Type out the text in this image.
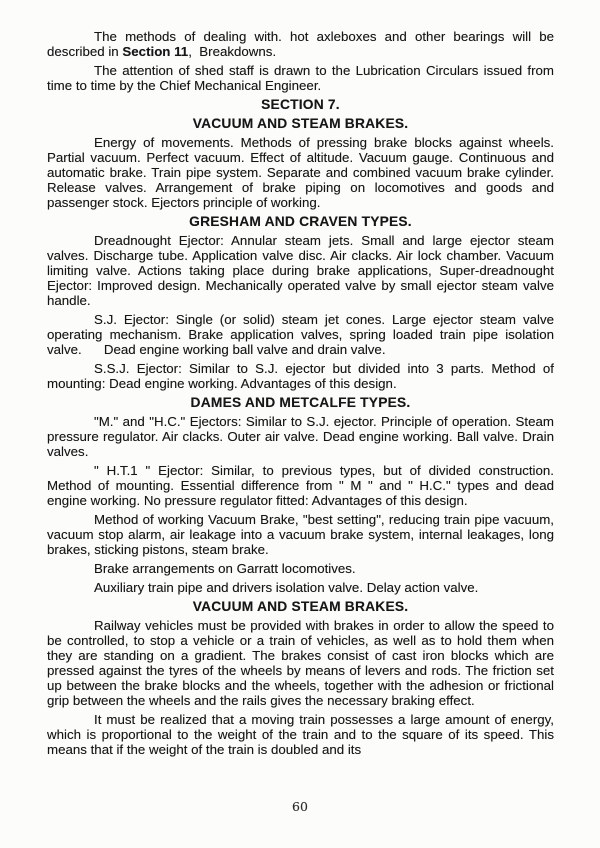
The methods of dealing with. hot axleboxes and other bearings will be described in Section 11,  Breakdowns.

The attention of shed staff is drawn to the Lubrication Circulars issued from time to time by the Chief Mechanical Engineer.

SECTION 7.
VACUUM AND STEAM BRAKES.

Energy of movements. Methods of pressing brake blocks against wheels. Partial vacuum. Perfect vacuum. Effect of altitude. Vacuum gauge. Continuous and automatic brake. Train pipe system. Separate and combined vacuum brake cylinder. Release valves. Arrangement of brake piping on locomotives and goods and passenger stock. Ejectors principle of working.

GRESHAM AND CRAVEN TYPES.

Dreadnought Ejector: Annular steam jets. Small and large ejector steam valves. Discharge tube. Application valve disc. Air clacks. Air lock chamber. Vacuum limiting valve. Actions taking place during brake applications, Super-dreadnought Ejector: Improved design. Mechanically operated valve by small ejector steam valve handle.

S.J. Ejector: Single (or solid) steam jet cones. Large ejector steam valve operating mechanism. Brake application valves, spring loaded train pipe isolation valve.      Dead engine working ball valve and drain valve.

S.S.J. Ejector: Similar to S.J. ejector but divided into 3 parts. Method of mounting: Dead engine working. Advantages of this design.

DAMES AND METCALFE TYPES.

"M." and "H.C." Ejectors: Similar to S.J. ejector. Principle of operation. Steam pressure regulator. Air clacks. Outer air valve. Dead engine working. Ball valve. Drain valves.

" H.T.1 " Ejector: Similar, to previous types, but of divided construction. Method of mounting. Essential difference from " M " and " H.C." types and dead engine working. No pressure regulator fitted: Advantages of this design.

Method of working Vacuum Brake, "best setting", reducing train pipe vacuum, vacuum stop alarm, air leakage into a vacuum brake system, internal leakages, long brakes, sticking pistons, steam brake.

Brake arrangements on Garratt locomotives.

Auxiliary train pipe and drivers isolation valve. Delay action valve.

VACUUM AND STEAM BRAKES.

Railway vehicles must be provided with brakes in order to allow the speed to be controlled, to stop a vehicle or a train of vehicles, as well as to hold them when they are standing on a gradient. The brakes consist of cast iron blocks which are pressed against the tyres of the wheels by means of levers and rods. The friction set up between the brake blocks and the wheels, together with the adhesion or frictional grip between the wheels and the rails gives the necessary braking effect.

It must be realized that a moving train possesses a large amount of energy, which is proportional to the weight of the train and to the square of its speed. This means that if the weight of the train is doubled and its

60
